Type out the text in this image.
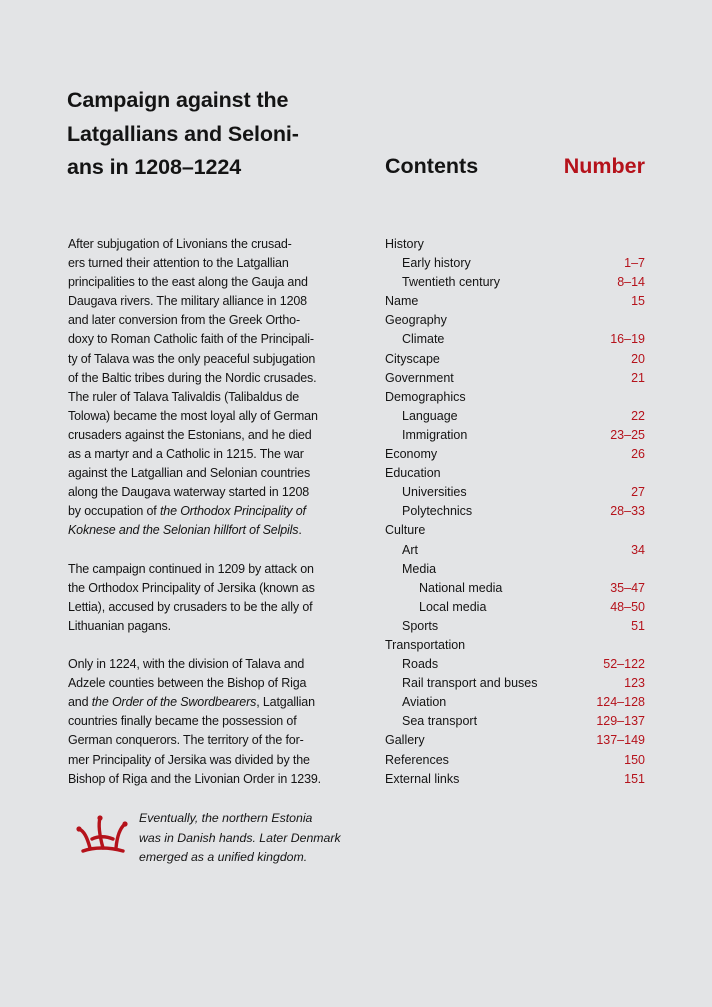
Campaign against the
Latgallians and Seloni-
ans in 1208–1224	Contents	Number

After subjugation of Livonians the crusad-
ers turned their attention to the Latgallian
principalities to the east along the Gauja and
Daugava rivers. The military alliance in 1208
and later conversion from the Greek Ortho-
doxy to Roman Catholic faith of the Principali-
ty of Talava was the only peaceful subjugation
of the Baltic tribes during the Nordic crusades.
The ruler of Talava Talivaldis (Talibaldus de
Tolowa) became the most loyal ally of German
crusaders against the Estonians, and he died
as a martyr and a Catholic in 1215. The war
against the Latgallian and Selonian countries
along the Daugava waterway started in 1208
by occupation of the Orthodox Principality of
Koknese and the Selonian hillfort of Selpils.

The campaign continued in 1209 by attack on
the Orthodox Principality of Jersika (known as
Lettia), accused by crusaders to be the ally of
Lithuanian pagans.

Only in 1224, with the division of Talava and
Adzele counties between the Bishop of Riga
and the Order of the Swordbearers, Latgallian
countries finally became the possession of
German conquerors. The territory of the for-
mer Principality of Jersika was divided by the
Bishop of Riga and the Livonian Order in 1239.

History
Early history	1–7
Twentieth century	8–14
Name	15
Geography
Climate	16–19
Cityscape	20
Government	21
Demographics
Language	22
Immigration	23–25
Economy	26
Education
Universities	27
Polytechnics	28–33
Culture
Art	34
Media
National media	35–47
Local media	48–50
Sports	51
Transportation
Roads	52–122
Rail transport and buses	123
Aviation	124–128
Sea transport	129–137
Gallery	137–149
References	150
External links	151
Eventually, the northern Estonia
was in Danish hands. Later Denmark
emerged as a unified kingdom.
